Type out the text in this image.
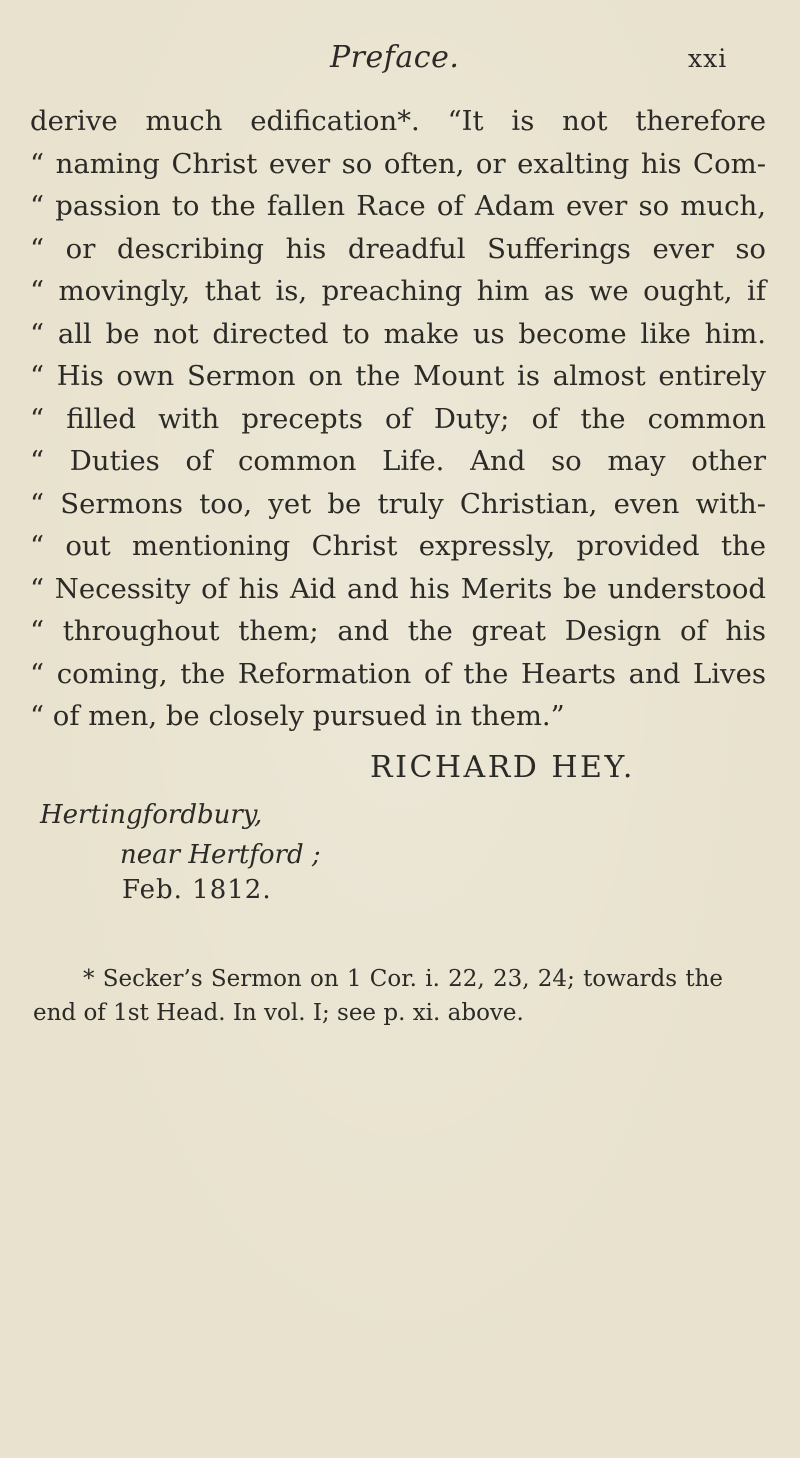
Preface.	xxi
derive much edification*. “It is not therefore
“ naming Christ ever so often, or exalting his Com-
“ passion to the fallen Race of Adam ever so much,
“ or describing his dreadful Sufferings ever so
“ movingly, that is, preaching him as we ought, if
“ all be not directed to make us become like him.
“ His own Sermon on the Mount is almost entirely
“ filled with precepts of Duty; of the common
“ Duties of common Life. And so may other
“ Sermons too, yet be truly Christian, even with-
“ out mentioning Christ expressly, provided the
“ Necessity of his Aid and his Merits be understood
“ throughout them; and the great Design of his
“ coming, the Reformation of the Hearts and Lives
“ of men, be closely pursued in them.”
RICHARD HEY.
Hertingfordbury,
near Hertford ;
Feb. 1812.
* Secker’s Sermon on 1 Cor. i. 22, 23, 24; towards the
end of 1st Head. In vol. I; see p. xi. above.
